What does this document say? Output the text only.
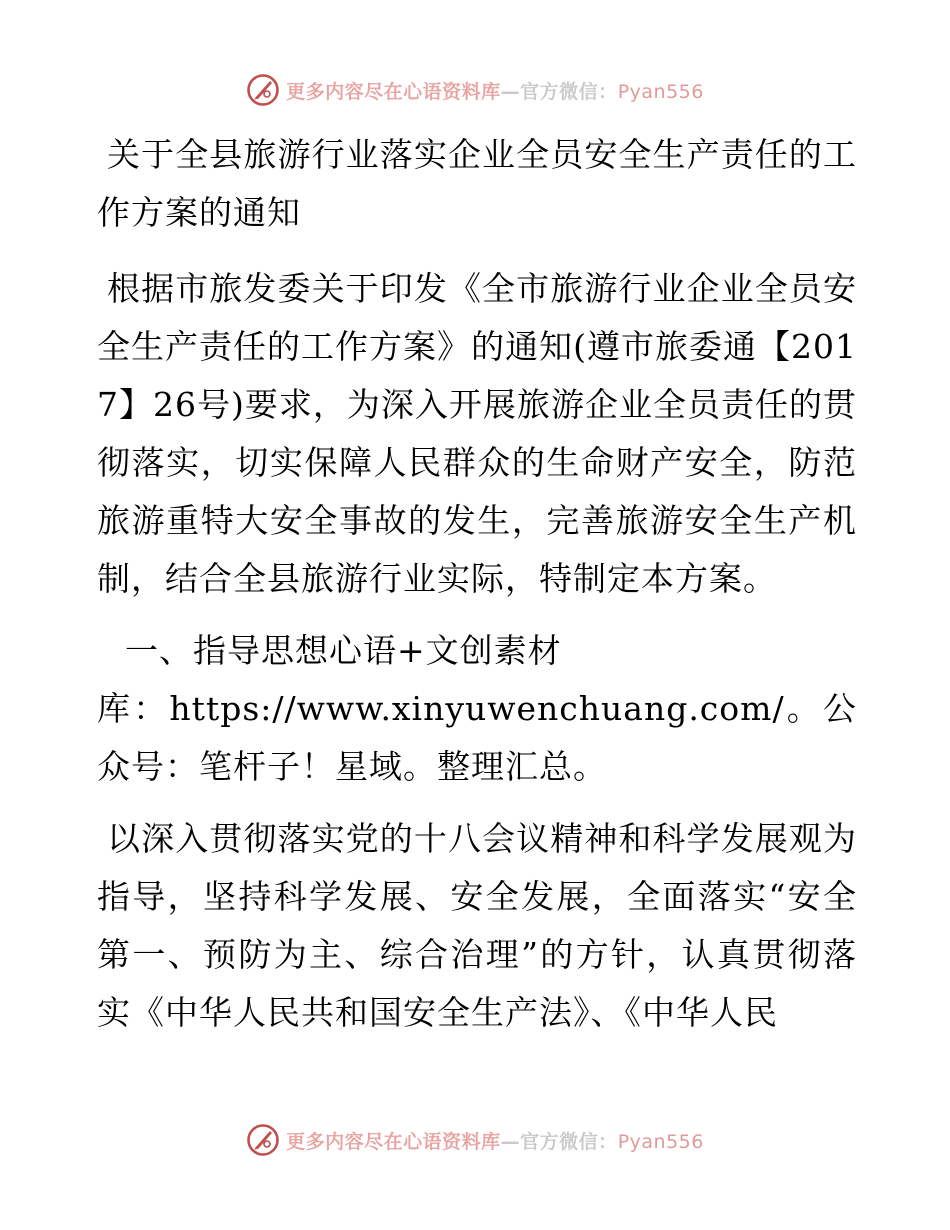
更多内容尽在心语资料库—官方微信：Pyan556

关于全县旅游行业落实企业全员安全生产责任的工作方案的通知

根据市旅发委关于印发《全市旅游行业企业全员安全生产责任的工作方案》的通知(遵市旅委通【2017】26号)要求，为深入开展旅游企业全员责任的贯彻落实，切实保障人民群众的生命财产安全，防范旅游重特大安全事故的发生，完善旅游安全生产机制，结合全县旅游行业实际，特制定本方案。

一、指导思想心语+文创素材

库：https://www.xinyuwenchuang.com/。公众号：笔杆子！星域。整理汇总。

以深入贯彻落实党的十八会议精神和科学发展观为指导，坚持科学发展、安全发展，全面落实“安全第一、预防为主、综合治理”的方针，认真贯彻落实《中华人民共和国安全生产法》、《中华人民

更多内容尽在心语资料库—官方微信：Pyan556
